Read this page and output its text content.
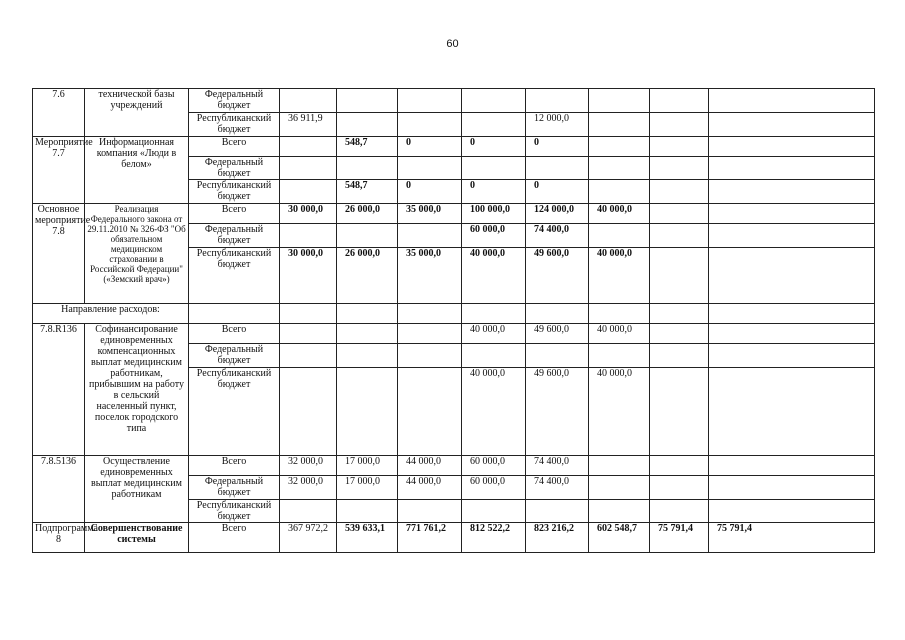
60
7.6	технической базы учреждений	Федеральный бюджет								
		Республиканский бюджет	36 911,9				12 000,0			
Мероприятие 7.7	Информационная компания «Люди в белом»	Всего		548,7	0	0	0			
		Федеральный бюджет								
		Республиканский бюджет		548,7	0	0	0			
Основное мероприятие 7.8	Реализация Федерального закона от 29.11.2010 № 326-ФЗ "Об обязательном медицинском страховании в Российской Федерации" («Земский врач»)	Всего	30 000,0	26 000,0	35 000,0	100 000,0	124 000,0	40 000,0		
		Федеральный бюджет				60 000,0	74 400,0			
		Республиканский бюджет	30 000,0	26 000,0	35 000,0	40 000,0	49 600,0	40 000,0		
Направление расходов:										
7.8.R136	Софинансирование единовременных компенсационных выплат медицинским работникам, прибывшим на работу в сельский населенный пункт, поселок городского типа	Всего				40 000,0	49 600,0	40 000,0		
		Федеральный бюджет								
		Республиканский бюджет				40 000,0	49 600,0	40 000,0		
7.8.5136	Осуществление единовременных выплат медицинским работникам	Всего	32 000,0	17 000,0	44 000,0	60 000,0	74 400,0			
		Федеральный бюджет	32 000,0	17 000,0	44 000,0	60 000,0	74 400,0			
		Республиканский бюджет								
Подпрограмма 8	Совершенствование системы	Всего	367 972,2	539 633,1	771 761,2	812 522,2	823 216,2	602 548,7	75 791,4	75 791,4
